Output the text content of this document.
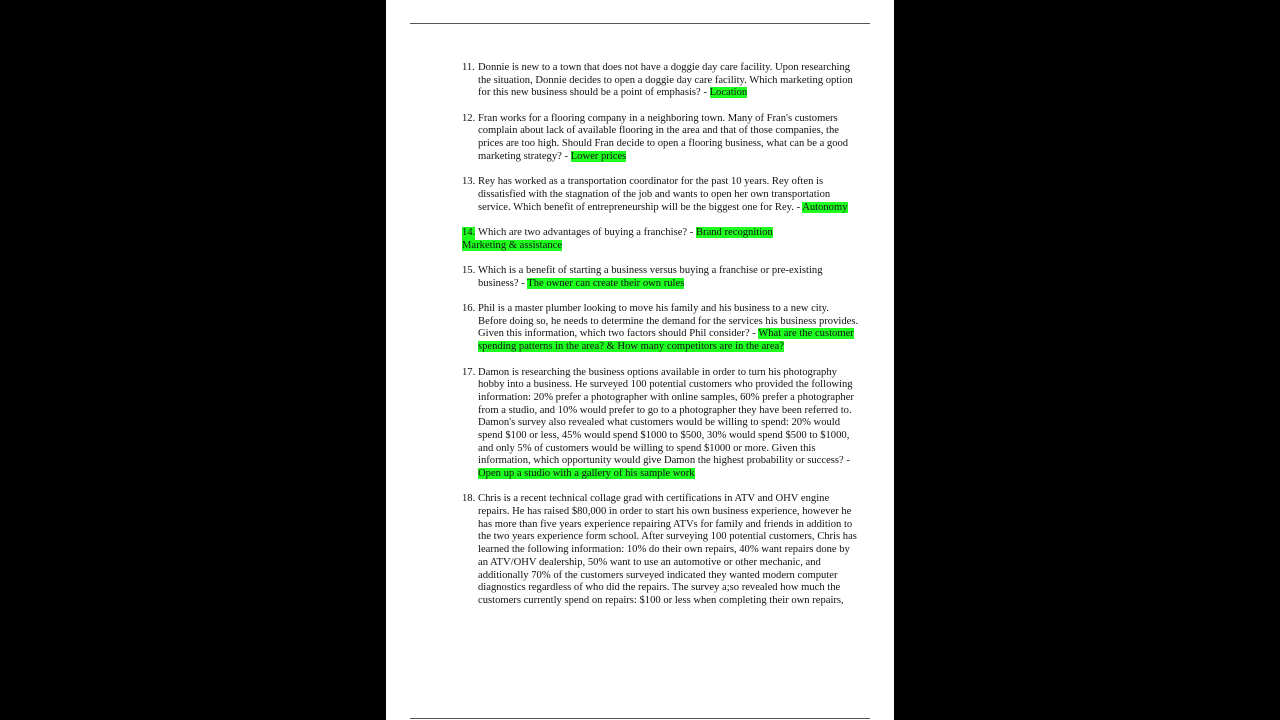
11. Donnie is new to a town that does not have a doggie day care facility. Upon researching
the situation, Donnie decides to open a doggie day care facility. Which marketing option
for this new business should be a point of emphasis? - Location
12. Fran works for a flooring company in a neighboring town. Many of Fran's customers
complain about lack of available flooring in the area and that of those companies, the
prices are too high. Should Fran decide to open a flooring business, what can be a good
marketing strategy? - Lower prices
13. Rey has worked as a transportation coordinator for the past 10 years. Rey often is
dissatisfied with the stagnation of the job and wants to open her own transportation
service. Which benefit of entrepreneurship will be the biggest one for Rey. - Autonomy
14. Which are two advantages of buying a franchise? - Brand recognition
Marketing & assistance
15. Which is a benefit of starting a business versus buying a franchise or pre-existing
business? - The owner can create their own rules
16. Phil is a master plumber looking to move his family and his business to a new city.
Before doing so, he needs to determine the demand for the services his business provides.
Given this information, which two factors should Phil consider? - What are the customer
spending patterns in the area? & How many competitors are in the area?
17. Damon is researching the business options available in order to turn his photography
hobby into a business. He surveyed 100 potential customers who provided the following
information: 20% prefer a photographer with online samples, 60% prefer a photographer
from a studio, and 10% would prefer to go to a photographer they have been referred to.
Damon's survey also revealed what customers would be willing to spend: 20% would
spend $100 or less, 45% would spend $1000 to $500, 30% would spend $500 to $1000,
and only 5% of customers would be willing to spend $1000 or more. Given this
information, which opportunity would give Damon the highest probability or success? -
Open up a studio with a gallery of his sample work
18. Chris is a recent technical collage grad with certifications in ATV and OHV engine
repairs. He has raised $80,000 in order to start his own business experience, however he
has more than five years experience repairing ATVs for family and friends in addition to
the two years experience form school. After surveying 100 potential customers, Chris has
learned the following information: 10% do their own repairs, 40% want repairs done by
an ATV/OHV dealership, 50% want to use an automotive or other mechanic, and
additionally 70% of the customers surveyed indicated they wanted modern computer
diagnostics regardless of who did the repairs. The survey a;so revealed how much the
customers currently spend on repairs: $100 or less when completing their own repairs,
